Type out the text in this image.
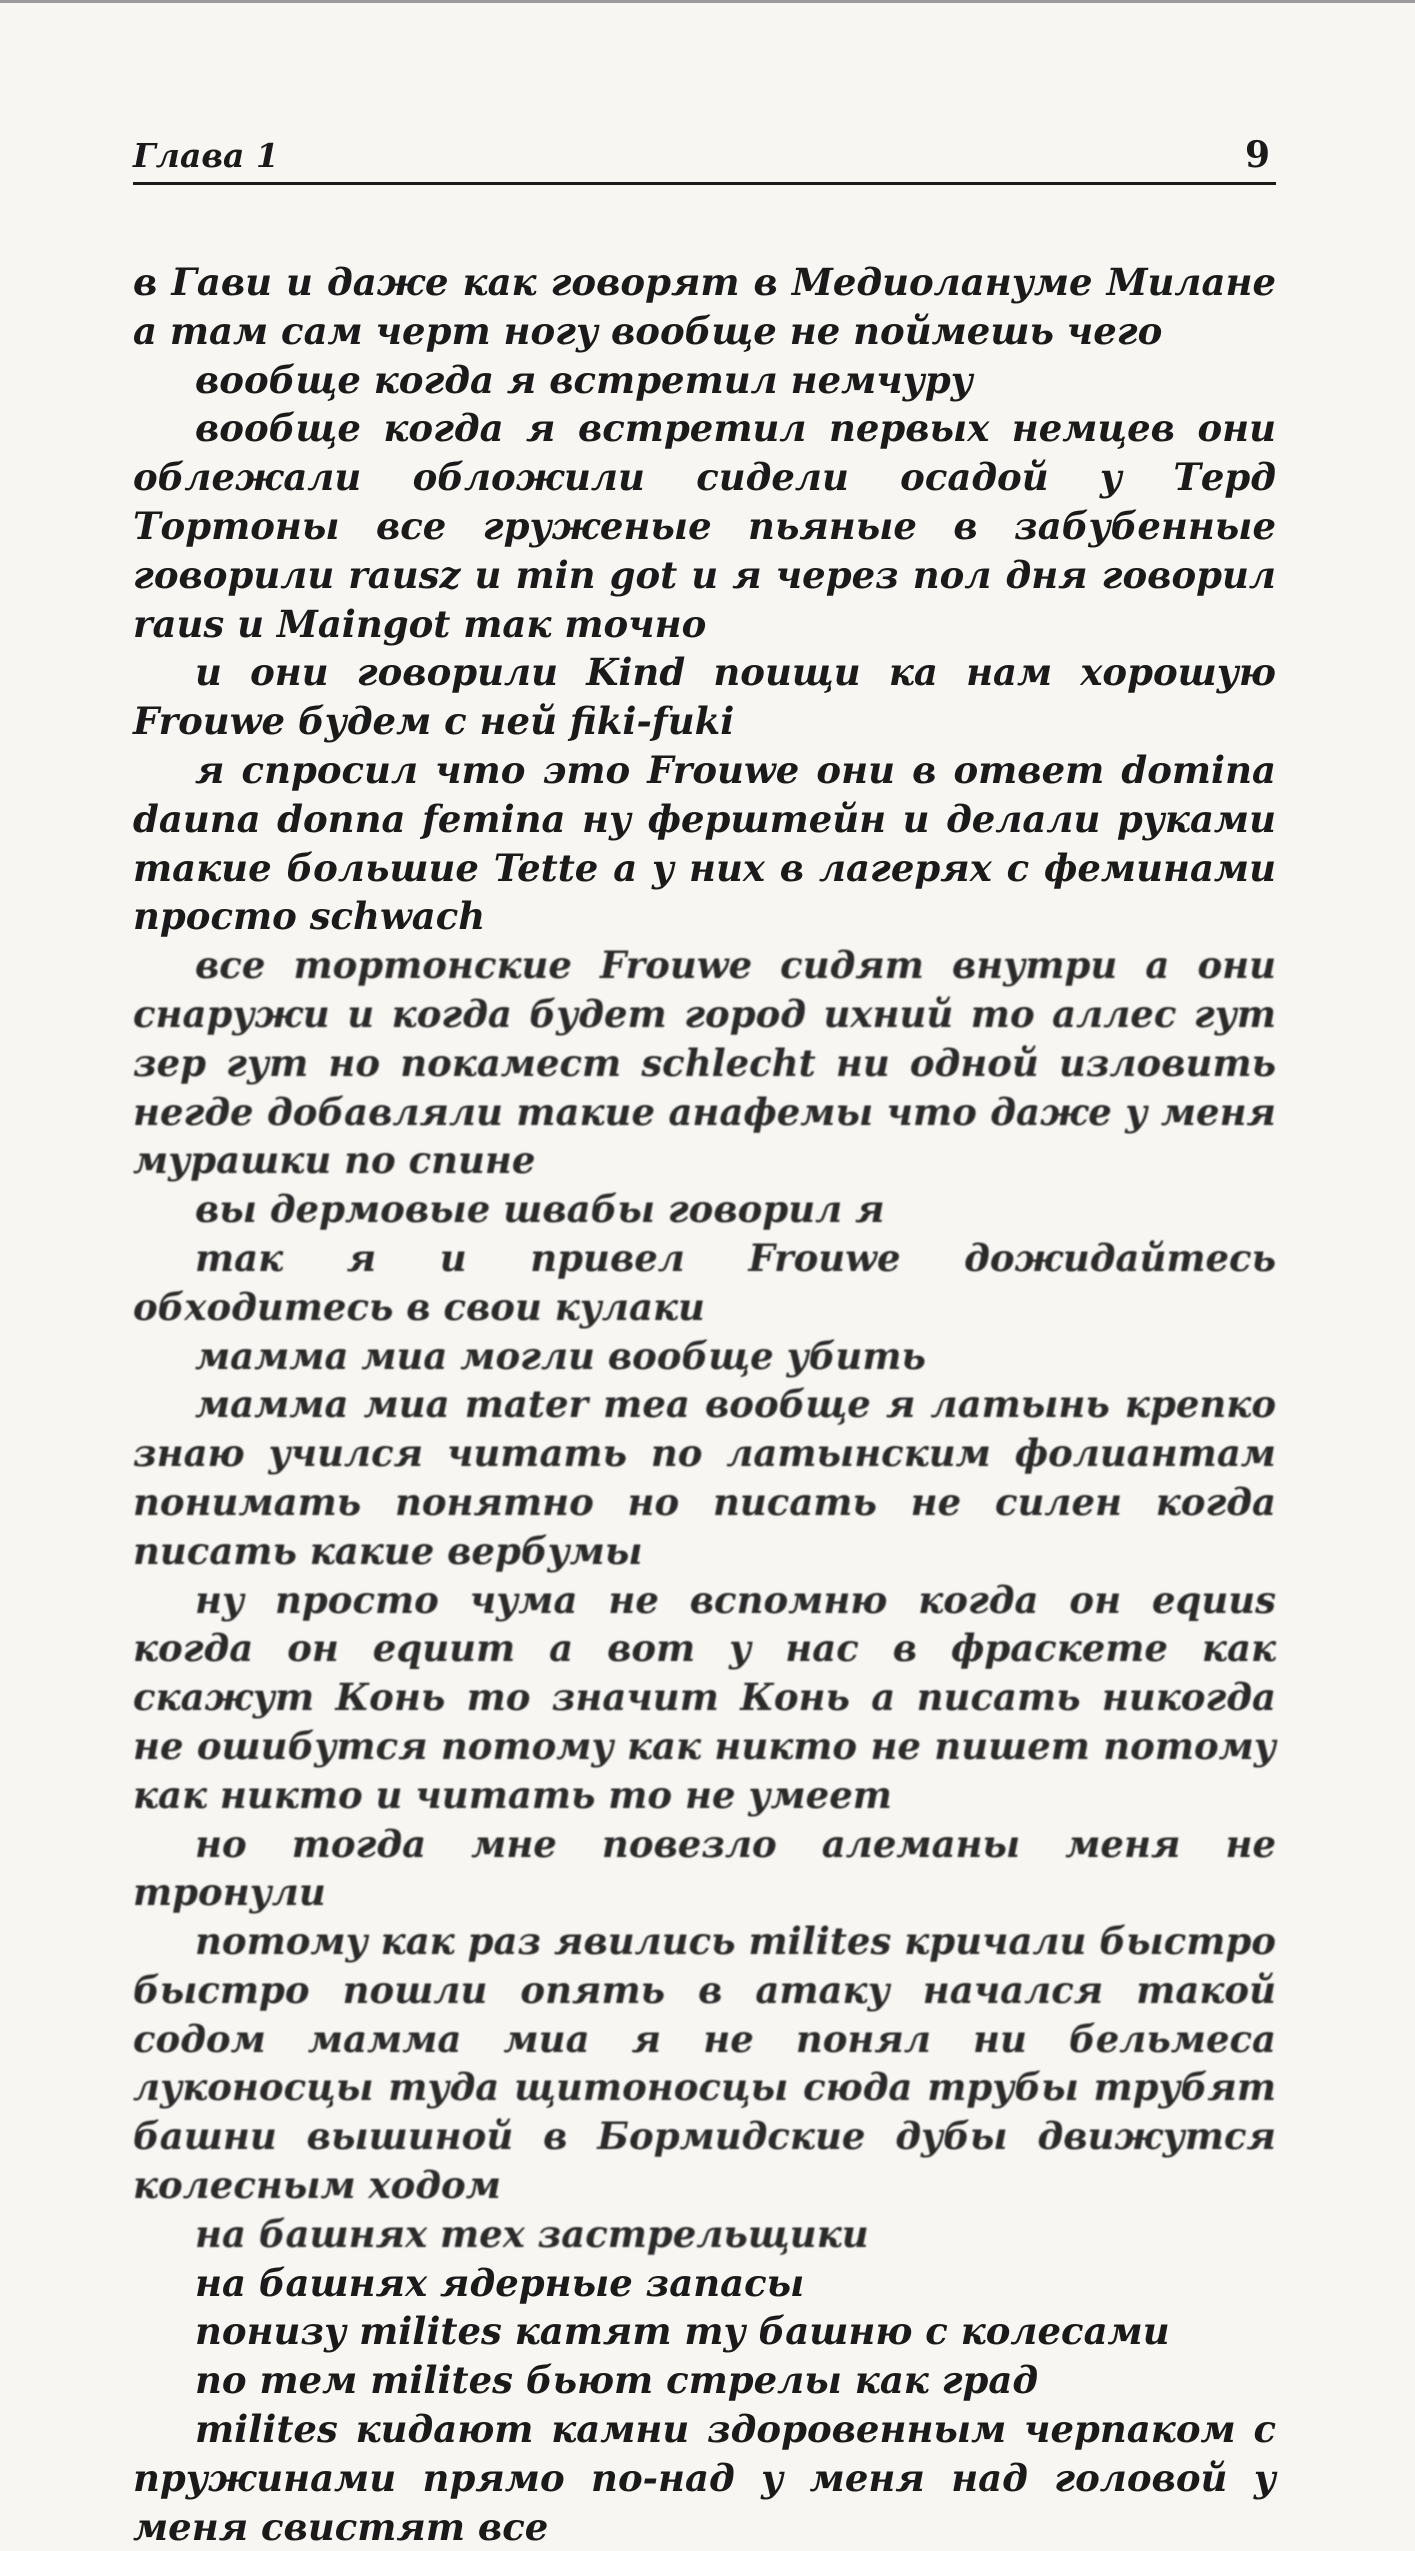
Глава 1	9

в Гави и даже как говорят в Медиолануме Милане а там сам черт ногу вообще не поймешь чего

вообще когда я встретил немчуру

вообще когда я встретил первых немцев они облежали обложили сидели осадой у Терд Тортоны все груженые пьяные в забубенные говорили rausz и min got и я через пол дня говорил raus и Maingot так точно

и они говорили Kind поищи ка нам хорошую Frouwe будем с ней fiki-fuki

я спросил что это Frouwe они в ответ domina dauna donna femina ну ферштейн и делали руками такие большие Tette а у них в лагерях с феминами просто schwach

все тортонские Frouwe сидят внутри а они снаружи и когда будет город ихний то аллес гут зер гут но покамест schlecht ни одной изловить негде добавляли такие анафемы что даже у меня мурашки по спине

вы дермовые швабы говорил я

так я и привел Frouwe дожидайтесь обходитесь в свои кулаки

мамма миа могли вообще убить

мамма миа mater mea вообще я латынь крепко знаю учился читать по латынским фолиантам понимать понятно но писать не силен когда писать какие вербумы

ну просто чума не вспомню когда он equus когда он equит а вот у нас в фраскете как скажут Конь то значит Конь а писать никогда не ошибутся потому как никто не пишет потому как никто и читать то не умеет

но тогда мне повезло алеманы меня не тронули

потому как раз явились milites кричали быстро быстро пошли опять в атаку начался такой содом мамма миа я не понял ни бельмеса луконосцы туда щитоносцы сюда трубы трубят башни вышиной в Бормидские дубы движутся колесным ходом

на башнях тех застрельщики

на башнях ядерные запасы

понизу milites катят ту башню с колесами

по тем milites бьют стрелы как град

milites кидают камни здоровенным черпаком с пружинами прямо по-над у меня над головой у меня свистят все
